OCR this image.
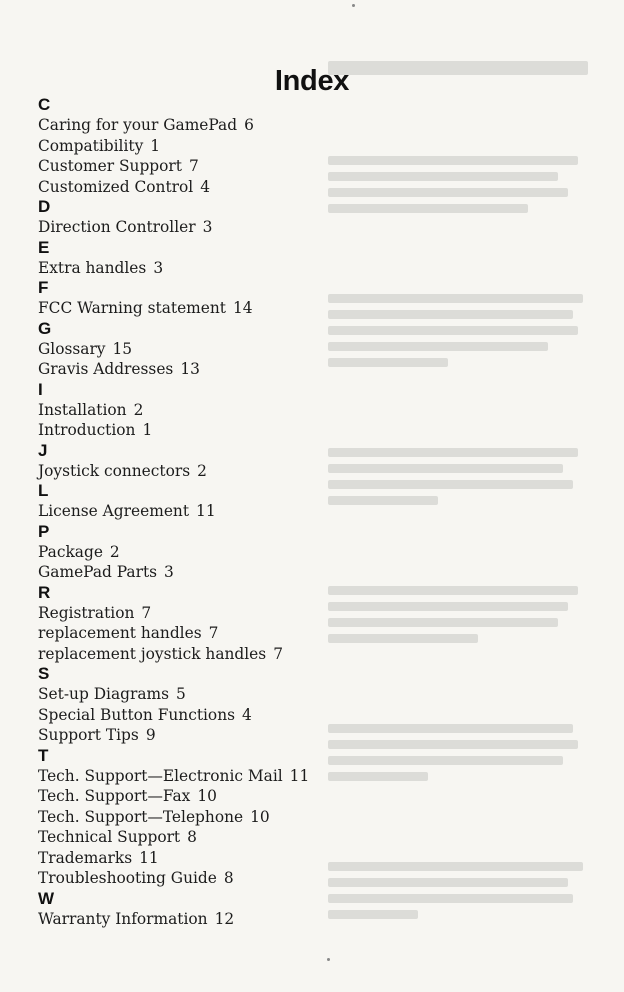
Index
C
Caring for your GamePad 6
Compatibility 1
Customer Support 7
Customized Control 4
D
Direction Controller 3
E
Extra handles 3
F
FCC Warning statement 14
G
Glossary 15
Gravis Addresses 13
I
Installation 2
Introduction 1
J
Joystick connectors 2
L
License Agreement 11
P
Package 2
GamePad Parts 3
R
Registration 7
replacement handles 7
replacement joystick handles 7
S
Set-up Diagrams 5
Special Button Functions 4
Support Tips 9
T
Tech. Support—Electronic Mail 11
Tech. Support—Fax 10
Tech. Support—Telephone 10
Technical Support 8
Trademarks 11
Troubleshooting Guide 8
W
Warranty Information 12
